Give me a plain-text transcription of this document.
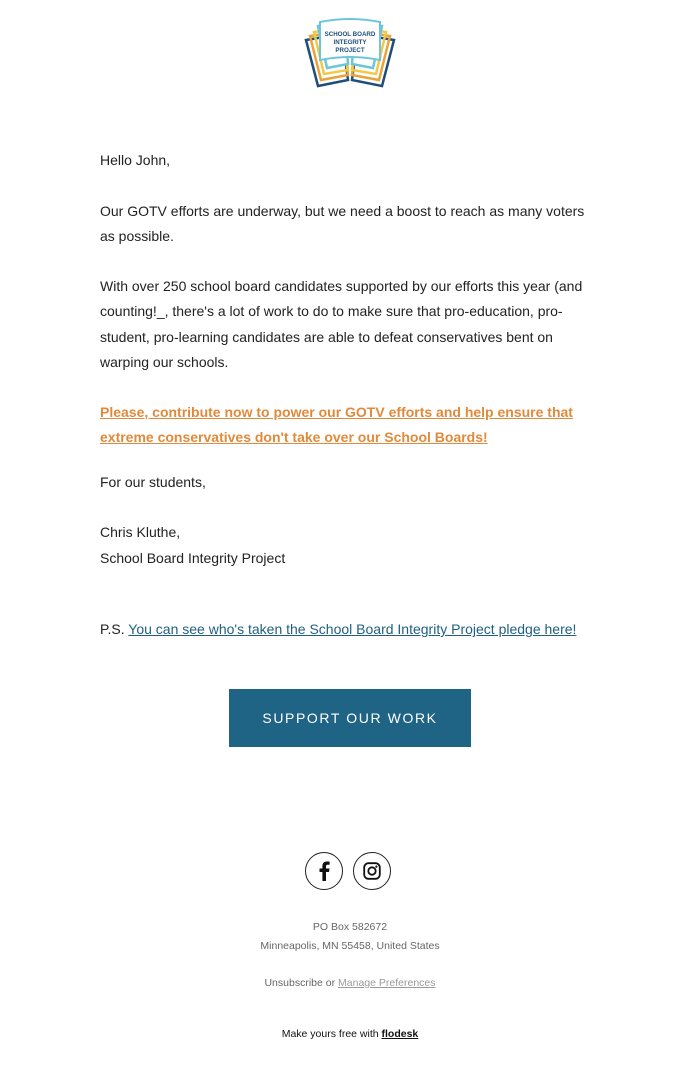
SCHOOL BOARD
INTEGRITY
PROJECT

Hello John,

Our GOTV efforts are underway, but we need a boost to reach as many voters as possible.

With over 250 school board candidates supported by our efforts this year (and counting!_, there's a lot of work to do to make sure that pro-education, pro-student, pro-learning candidates are able to defeat conservatives bent on warping our schools.

Please, contribute now to power our GOTV efforts and help ensure that extreme conservatives don't take over our School Boards!

For our students,

Chris Kluthe,

School Board Integrity Project

P.S. You can see who's taken the School Board Integrity Project pledge here!
SUPPORT OUR WORK
PO Box 582672
Minneapolis, MN 55458, United States
Unsubscribe or Manage Preferences
Make yours free with flodesk
